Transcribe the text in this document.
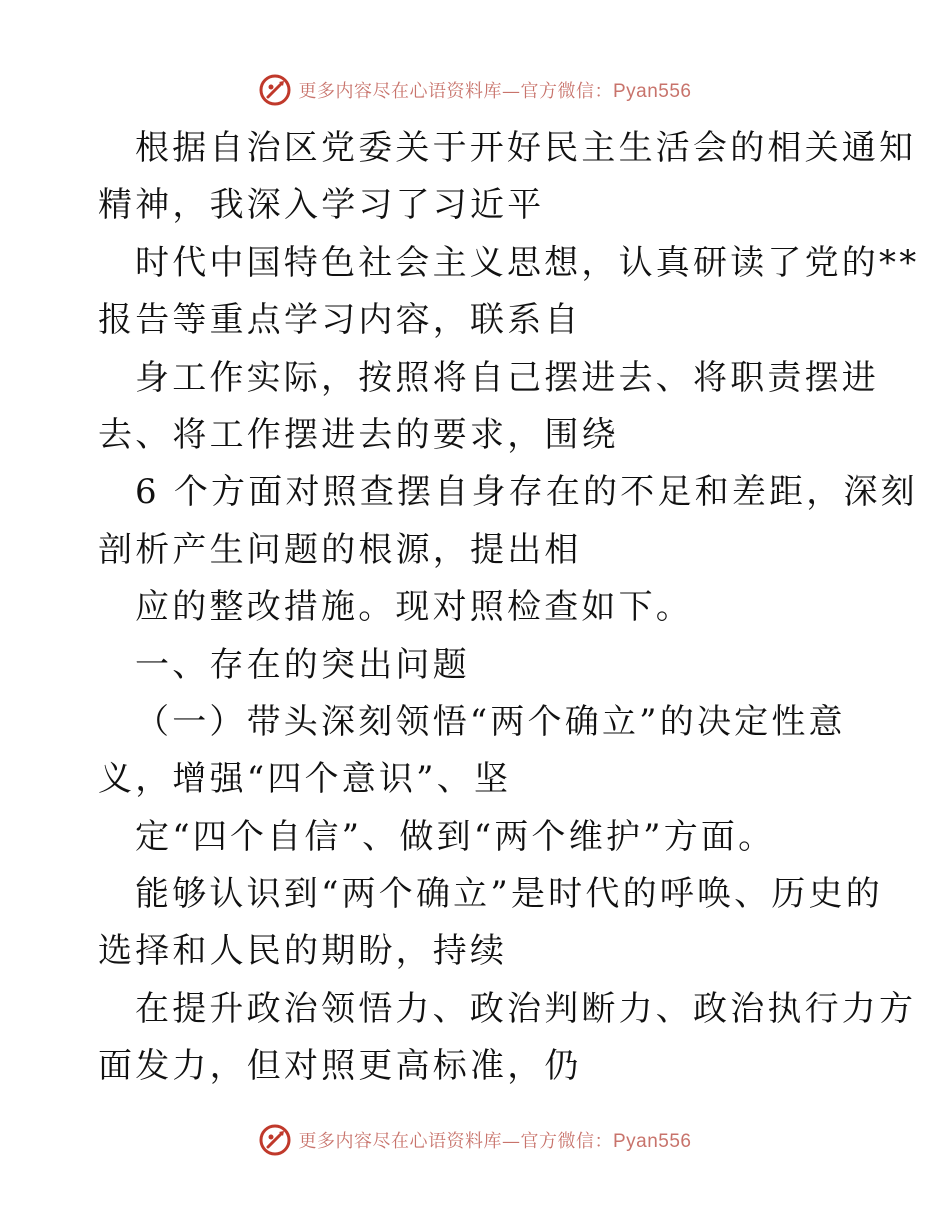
更多内容尽在心语资料库—官方微信：Pyan556
根据自治区党委关于开好民主生活会的相关通知
精神，我深入学习了习近平
时代中国特色社会主义思想，认真研读了党的**
报告等重点学习内容，联系自
身工作实际，按照将自己摆进去、将职责摆进
去、将工作摆进去的要求，围绕
6 个方面对照查摆自身存在的不足和差距，深刻
剖析产生问题的根源，提出相
应的整改措施。现对照检查如下。
一、存在的突出问题
（一）带头深刻领悟“两个确立”的决定性意
义，增强“四个意识”、坚
定“四个自信”、做到“两个维护”方面。
能够认识到“两个确立”是时代的呼唤、历史的
选择和人民的期盼，持续
在提升政治领悟力、政治判断力、政治执行力方
面发力，但对照更高标准，仍
更多内容尽在心语资料库—官方微信：Pyan556
